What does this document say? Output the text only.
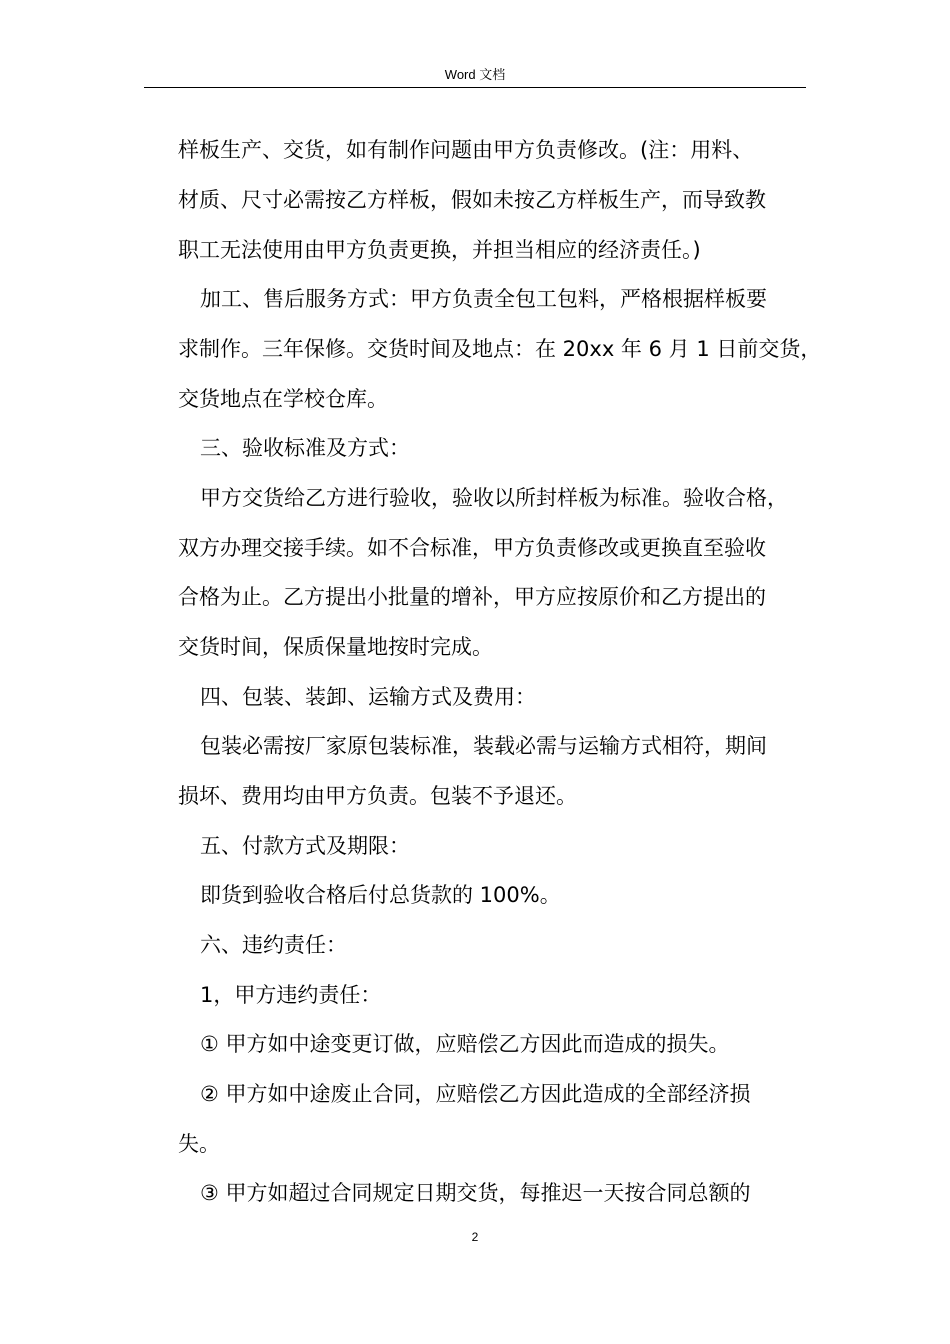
Word 文档
样板生产、交货，如有制作问题由甲方负责修改。(注：用料、
材质、尺寸必需按乙方样板，假如未按乙方样板生产，而导致教
职工无法使用由甲方负责更换，并担当相应的经济责任。)
加工、售后服务方式：甲方负责全包工包料，严格根据样板要
求制作。三年保修。交货时间及地点：在 20xx 年 6 月 1 日前交货，
交货地点在学校仓库。
三、验收标准及方式：
甲方交货给乙方进行验收，验收以所封样板为标准。验收合格，
双方办理交接手续。如不合标准，甲方负责修改或更换直至验收
合格为止。乙方提出小批量的增补，甲方应按原价和乙方提出的
交货时间，保质保量地按时完成。
四、包装、装卸、运输方式及费用：
包装必需按厂家原包装标准，装载必需与运输方式相符，期间
损坏、费用均由甲方负责。包装不予退还。
五、付款方式及期限：
即货到验收合格后付总货款的 100%。
六、违约责任：
1，甲方违约责任：
① 甲方如中途变更订做，应赔偿乙方因此而造成的损失。
② 甲方如中途废止合同，应赔偿乙方因此造成的全部经济损
失。
③ 甲方如超过合同规定日期交货，每推迟一天按合同总额的
2
